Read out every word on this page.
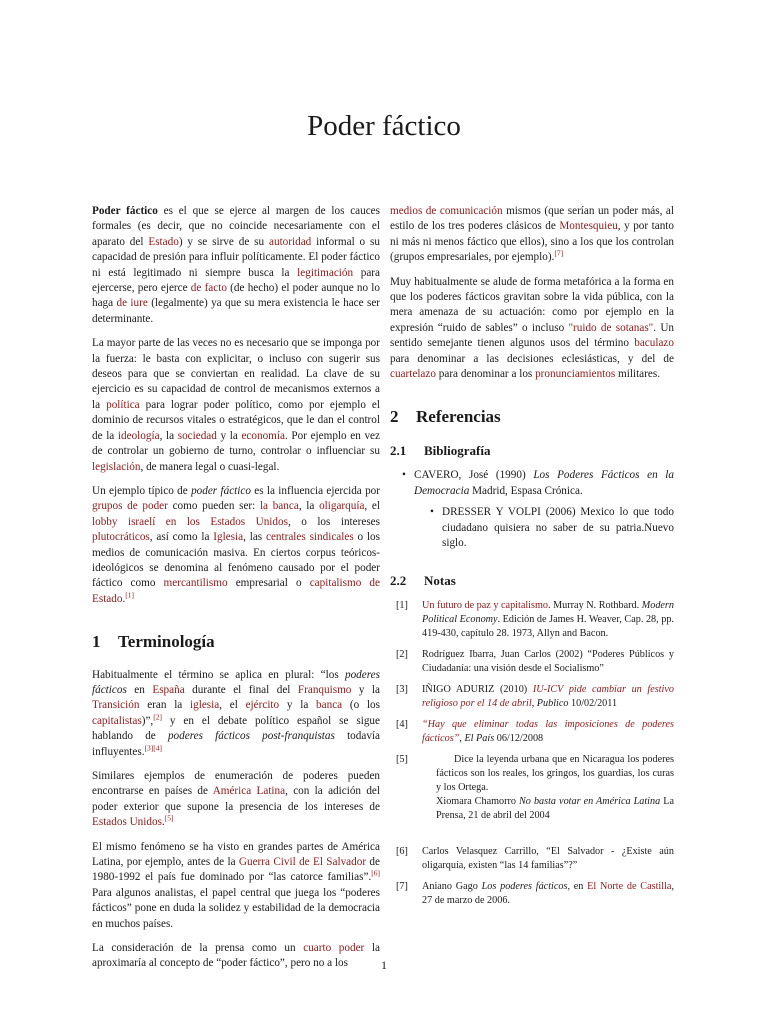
Poder fáctico

Poder fáctico es el que se ejerce al margen de los cauces formales (es decir, que no coincide necesariamente con el aparato del Estado) y se sirve de su autoridad informal o su capacidad de presión para influir políticamente. El poder fáctico ni está legitimado ni siempre busca la legitimación para ejercerse, pero ejerce de facto (de hecho) el poder aunque no lo haga de iure (legalmente) ya que su mera existencia le hace ser determinante.

La mayor parte de las veces no es necesario que se imponga por la fuerza: le basta con explicitar, o incluso con sugerir sus deseos para que se conviertan en realidad. La clave de su ejercicio es su capacidad de control de mecanismos externos a la política para lograr poder político, como por ejemplo el dominio de recursos vitales o estratégicos, que le dan el control de la ideología, la sociedad y la economía. Por ejemplo en vez de controlar un gobierno de turno, controlar o influenciar su legislación, de manera legal o cuasi-legal.

Un ejemplo típico de poder fáctico es la influencia ejercida por grupos de poder como pueden ser: la banca, la oligarquía, el lobby israelí en los Estados Unidos, o los intereses plutocráticos, así como la Iglesia, las centrales sindicales o los medios de comunicación masiva. En ciertos corpus teóricos-ideológicos se denomina al fenómeno causado por el poder fáctico como mercantilismo empresarial o capitalismo de Estado.[1]

1 Terminología

Habitualmente el término se aplica en plural: “los poderes fácticos en España durante el final del Franquismo y la Transición eran la iglesia, el ejército y la banca (o los capitalistas)”,[2] y en el debate político español se sigue hablando de poderes fácticos post-franquistas todavía influyentes.[3][4]

Similares ejemplos de enumeración de poderes pueden encontrarse en países de América Latina, con la adición del poder exterior que supone la presencia de los intereses de Estados Unidos.[5]

El mismo fenómeno se ha visto en grandes partes de América Latina, por ejemplo, antes de la Guerra Civil de El Salvador de 1980-1992 el país fue dominado por “las catorce familias”.[6] Para algunos analistas, el papel central que juega los “poderes fácticos” pone en duda la solidez y estabilidad de la democracia en muchos países.

La consideración de la prensa como un cuarto poder la aproximaría al concepto de “poder fáctico”, pero no a los

medios de comunicación mismos (que serían un poder más, al estilo de los tres poderes clásicos de Montesquieu, y por tanto ni más ni menos fáctico que ellos), sino a los que los controlan (grupos empresariales, por ejemplo).[7]

Muy habitualmente se alude de forma metafórica a la forma en que los poderes fácticos gravitan sobre la vida pública, con la mera amenaza de su actuación: como por ejemplo en la expresión “ruido de sables” o incluso "ruido de sotanas". Un sentido semejante tienen algunos usos del término baculazo para denominar a las decisiones eclesiásticas, y del de cuartelazo para denominar a los pronunciamientos militares.

2 Referencias
2.1 Bibliografía
• CAVERO, José (1990) Los Poderes Fácticos en la Democracia Madrid, Espasa Crónica.
• DRESSER Y VOLPI (2006) Mexico lo que todo ciudadano quisiera no saber de su patria.Nuevo siglo.
2.2 Notas
[1] Un futuro de paz y capitalismo. Murray N. Rothbard. Modern Political Economy. Edición de James H. Weaver, Cap. 28, pp. 419-430, capítulo 28. 1973, Allyn and Bacon.
[2] Rodríguez Ibarra, Juan Carlos (2002) “Poderes Públicos y Ciudadanía: una visión desde el Socialismo”
[3] IÑIGO ADURIZ (2010) IU-ICV pide cambiar un festivo religioso por el 14 de abril, Publico 10/02/2011
[4] “Hay que eliminar todas las imposiciones de poderes fácticos”, El País 06/12/2008
[5]	Dice la leyenda urbana que en Nicaragua los poderes fácticos son los reales, los gringos, los guardias, los curas y los Ortega.
Xiomara Chamorro No basta votar en América Latina La Prensa, 21 de abril del 2004
[6] Carlos Velasquez Carrillo, “El Salvador - ¿Existe aún oligarquía, existen “las 14 familias”?”
[7] Aniano Gago Los poderes fácticos, en El Norte de Castilla, 27 de marzo de 2006.
1
